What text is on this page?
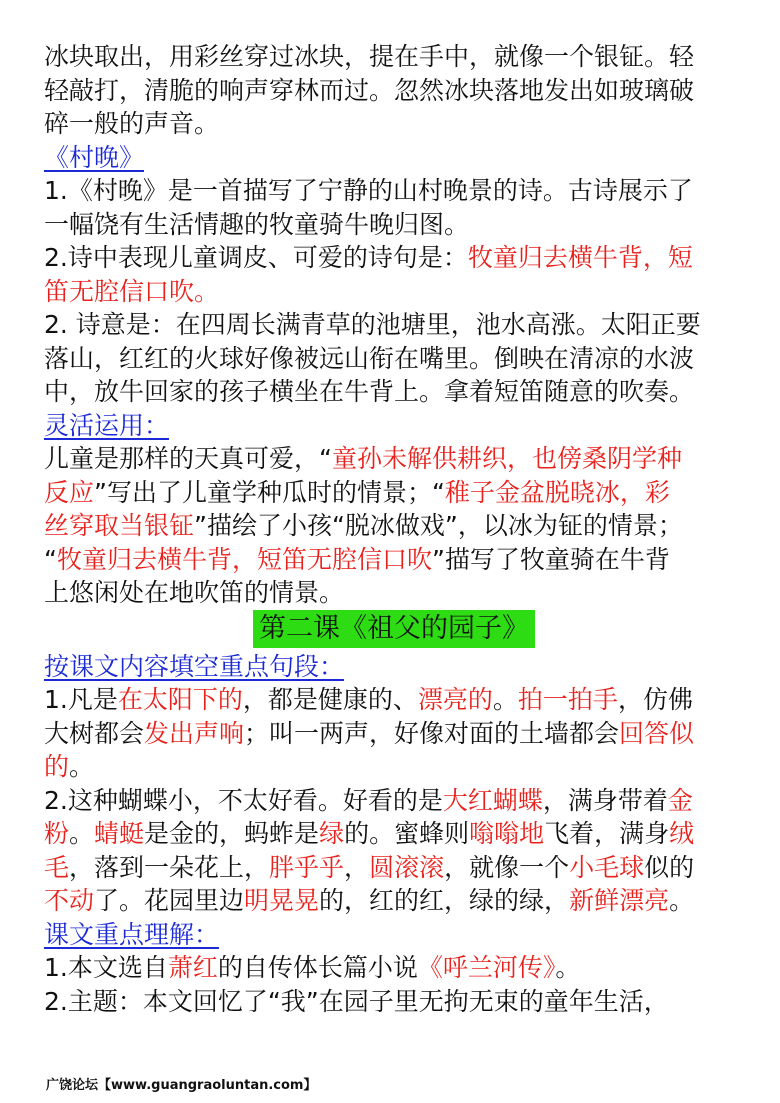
冰块取出，用彩丝穿过冰块，提在手中，就像一个银钲。轻
轻敲打，清脆的响声穿林而过。忽然冰块落地发出如玻璃破
碎一般的声音。
《村晚》
1.《村晚》是一首描写了宁静的山村晚景的诗。古诗展示了
一幅饶有生活情趣的牧童骑牛晚归图。
2.诗中表现儿童调皮、可爱的诗句是：牧童归去横牛背，短
笛无腔信口吹。
2. 诗意是：在四周长满青草的池塘里，池水高涨。太阳正要
落山，红红的火球好像被远山衔在嘴里。倒映在清凉的水波
中，放牛回家的孩子横坐在牛背上。拿着短笛随意的吹奏。
灵活运用：
儿童是那样的天真可爱，“童孙未解供耕织，也傍桑阴学种
反应”写出了儿童学种瓜时的情景；“稚子金盆脱晓冰，彩
丝穿取当银钲”描绘了小孩“脱冰做戏”，以冰为钲的情景；
“牧童归去横牛背，短笛无腔信口吹”描写了牧童骑在牛背
上悠闲处在地吹笛的情景。
第二课《祖父的园子》
按课文内容填空重点句段：
1.凡是在太阳下的，都是健康的、漂亮的。拍一拍手，仿佛
大树都会发出声响；叫一两声，好像对面的土墙都会回答似
的。
2.这种蝴蝶小，不太好看。好看的是大红蝴蝶，满身带着金
粉。蜻蜓是金的，蚂蚱是绿的。蜜蜂则嗡嗡地飞着，满身绒
毛，落到一朵花上，胖乎乎，圆滚滚，就像一个小毛球似的
不动了。花园里边明晃晃的，红的红，绿的绿，新鲜漂亮。
课文重点理解：
1.本文选自萧红的自传体长篇小说《呼兰河传》。
2.主题：本文回忆了“我”在园子里无拘无束的童年生活，
广饶论坛【www.guangraoluntan.com】
